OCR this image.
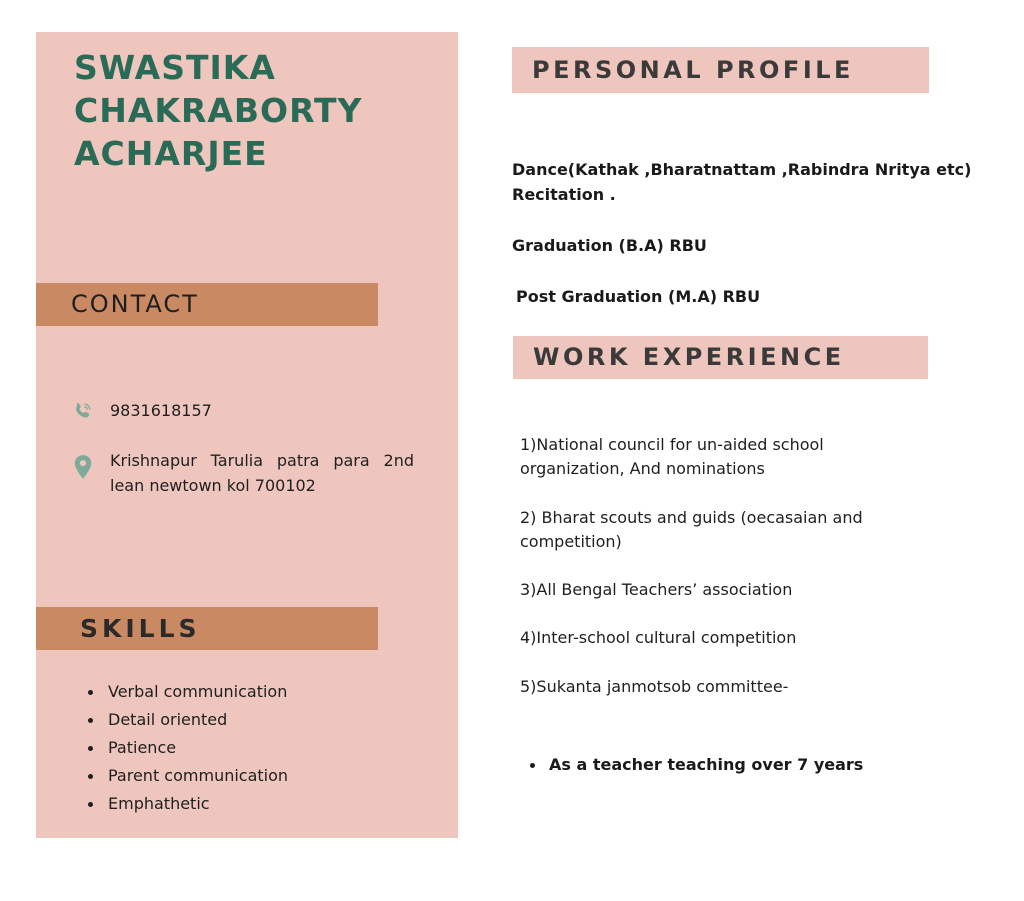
SWASTIKA
CHAKRABORTY
ACHARJEE
CONTACT
9831618157
Krishnapur Tarulia patra para 2nd lean newtown kol 700102
SKILLS
Verbal communication
Detail oriented
Patience
Parent communication
Emphathetic
PERSONAL PROFILE
Dance(Kathak ,Bharatnattam ,Rabindra Nritya etc)
Recitation .
Graduation (B.A) RBU
Post Graduation (M.A) RBU
WORK EXPERIENCE
1)National council for un-aided school organization, And nominations
2) Bharat scouts and guids (oecasaian and competition)
3)All Bengal Teachers’ association
4)Inter-school cultural competition
5)Sukanta janmotsob committee-
As a teacher teaching over 7 years
